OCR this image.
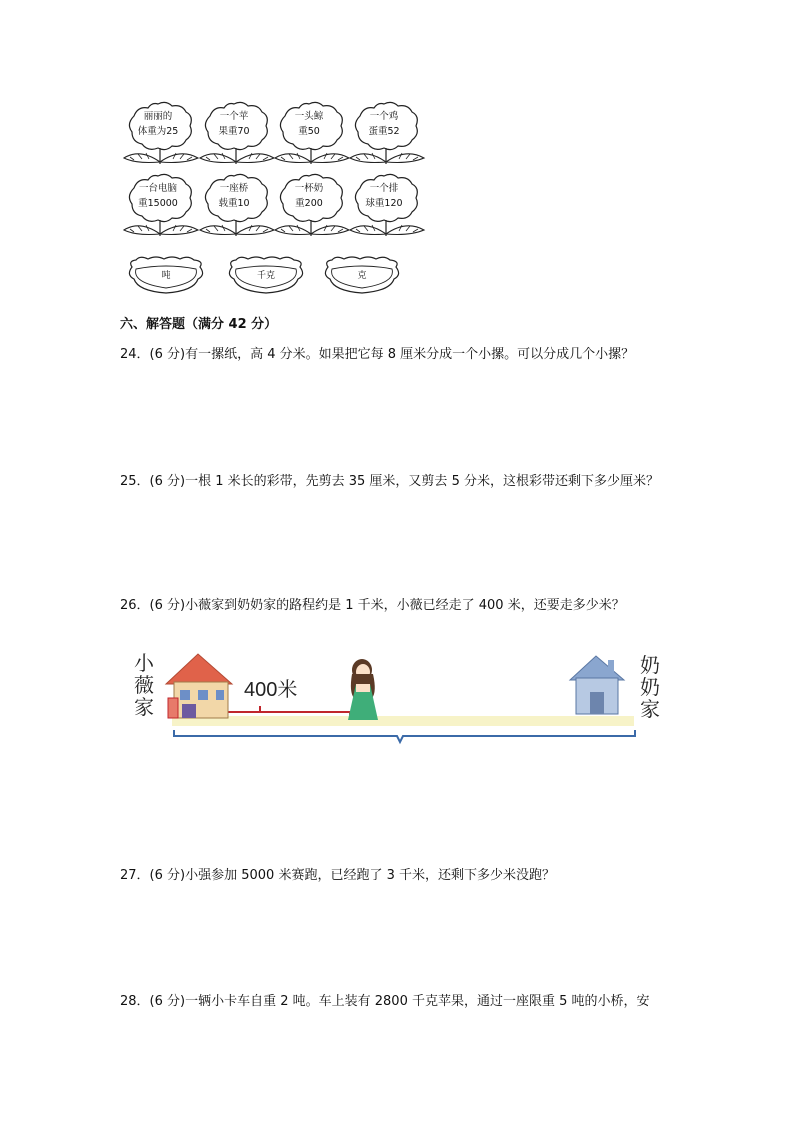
丽丽的
体重为25
一个苹
果重70
一头鲸
重50
一个鸡
蛋重52
一台电脑
重15000
一座桥
载重10
一杯奶
重200
一个排
球重120
吨	千克	克
六、解答题（满分 42 分）
24．(6 分)有一摞纸，高 4 分米。如果把它每 8 厘米分成一个小摞。可以分成几个小摞？
25．(6 分)一根 1 米长的彩带，先剪去 35 厘米，又剪去 5 分米，这根彩带还剩下多少厘米？
26．(6 分)小薇家到奶奶家的路程约是 1 千米，小薇已经走了 400 米，还要走多少米？
小
薇
家
奶
奶
家
400米
27．(6 分)小强参加 5000 米赛跑，已经跑了 3 千米，还剩下多少米没跑？
28．(6 分)一辆小卡车自重 2 吨。车上装有 2800 千克苹果，通过一座限重 5 吨的小桥，安
